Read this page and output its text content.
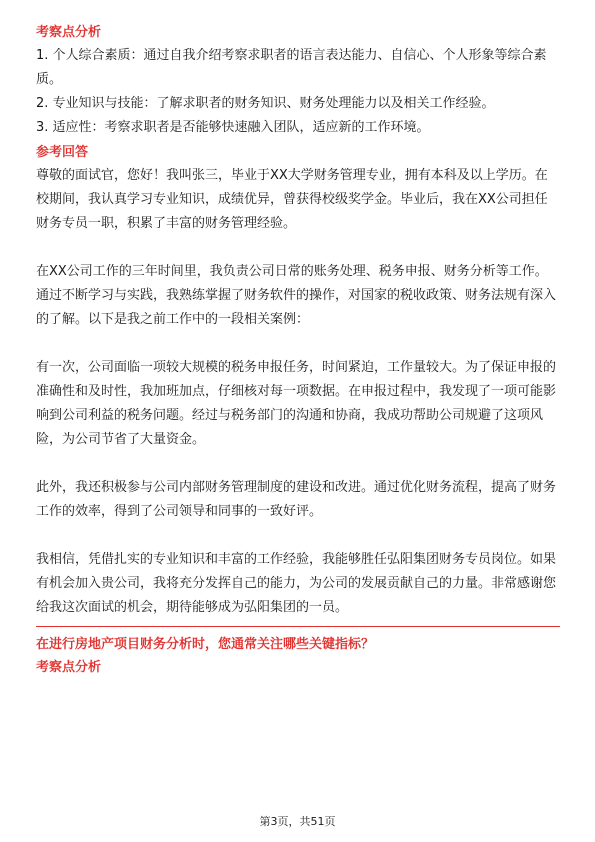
考察点分析

1. 个人综合素质：通过自我介绍考察求职者的语言表达能力、自信心、个人形象等综合素质。

2. 专业知识与技能：了解求职者的财务知识、财务处理能力以及相关工作经验。

3. 适应性：考察求职者是否能够快速融入团队，适应新的工作环境。

参考回答

尊敬的面试官，您好！我叫张三，毕业于XX大学财务管理专业，拥有本科及以上学历。在校期间，我认真学习专业知识，成绩优异，曾获得校级奖学金。毕业后，我在XX公司担任财务专员一职，积累了丰富的财务管理经验。

在XX公司工作的三年时间里，我负责公司日常的账务处理、税务申报、财务分析等工作。通过不断学习与实践，我熟练掌握了财务软件的操作，对国家的税收政策、财务法规有深入的了解。以下是我之前工作中的一段相关案例：

有一次，公司面临一项较大规模的税务申报任务，时间紧迫，工作量较大。为了保证申报的准确性和及时性，我加班加点，仔细核对每一项数据。在申报过程中，我发现了一项可能影响到公司利益的税务问题。经过与税务部门的沟通和协商，我成功帮助公司规避了这项风险，为公司节省了大量资金。

此外，我还积极参与公司内部财务管理制度的建设和改进。通过优化财务流程，提高了财务工作的效率，得到了公司领导和同事的一致好评。

我相信，凭借扎实的专业知识和丰富的工作经验，我能够胜任弘阳集团财务专员岗位。如果有机会加入贵公司，我将充分发挥自己的能力，为公司的发展贡献自己的力量。非常感谢您给我这次面试的机会，期待能够成为弘阳集团的一员。

在进行房地产项目财务分析时，您通常关注哪些关键指标？
考察点分析
第3页，共51页
